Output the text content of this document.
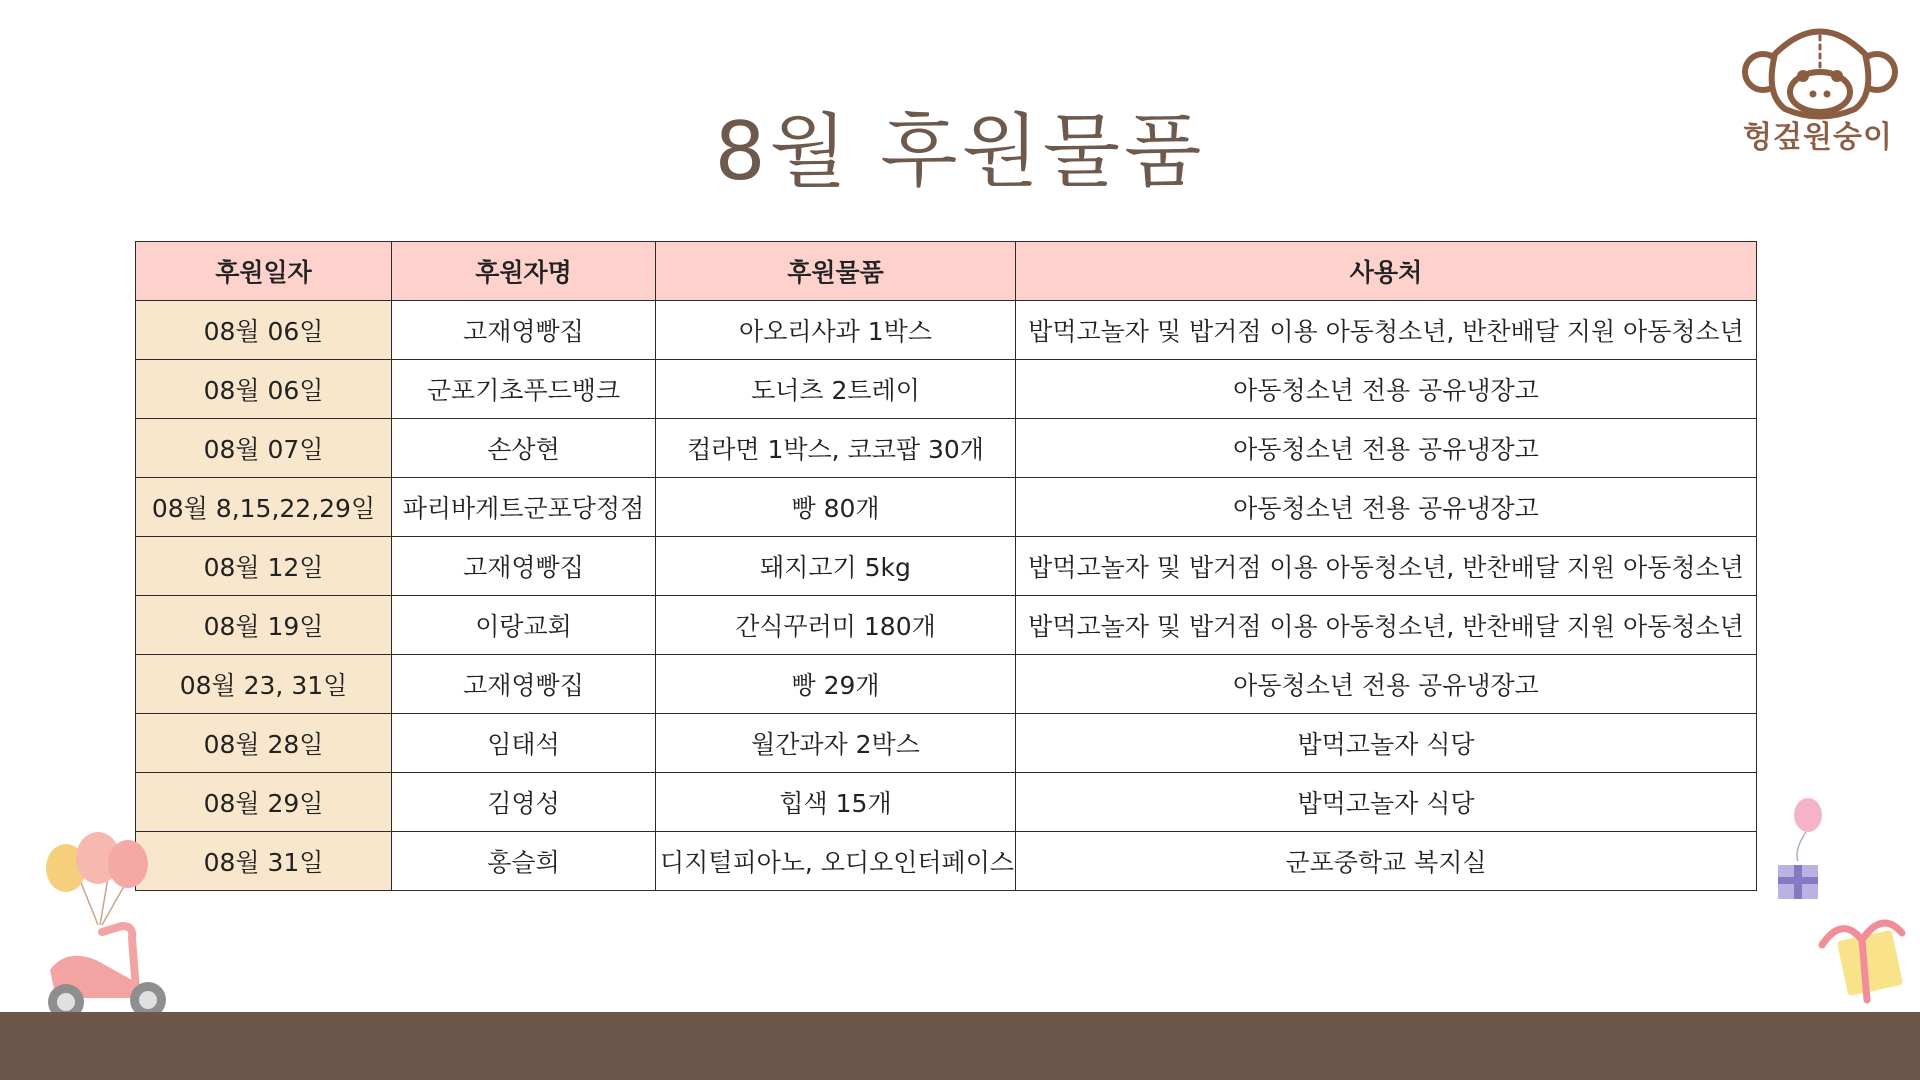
8월 후원물품	헝겊원숭이
후원일자	후원자명	후원물품	사용처
08월 06일	고재영빵집	아오리사과 1박스	밥먹고놀자 및 밥거점 이용 아동청소년, 반찬배달 지원 아동청소년
08월 06일	군포기초푸드뱅크	도너츠 2트레이	아동청소년 전용 공유냉장고
08월 07일	손상현	컵라면 1박스, 코코팝 30개	아동청소년 전용 공유냉장고
08월 8,15,22,29일	파리바게트군포당정점	빵 80개	아동청소년 전용 공유냉장고
08월 12일	고재영빵집	돼지고기 5kg	밥먹고놀자 및 밥거점 이용 아동청소년, 반찬배달 지원 아동청소년
08월 19일	이랑교회	간식꾸러미 180개	밥먹고놀자 및 밥거점 이용 아동청소년, 반찬배달 지원 아동청소년
08월 23, 31일	고재영빵집	빵 29개	아동청소년 전용 공유냉장고
08월 28일	임태석	월간과자 2박스	밥먹고놀자 식당
08월 29일	김영성	힙색 15개	밥먹고놀자 식당
08월 31일	홍슬희	디지털피아노, 오디오인터페이스	군포중학교 복지실
